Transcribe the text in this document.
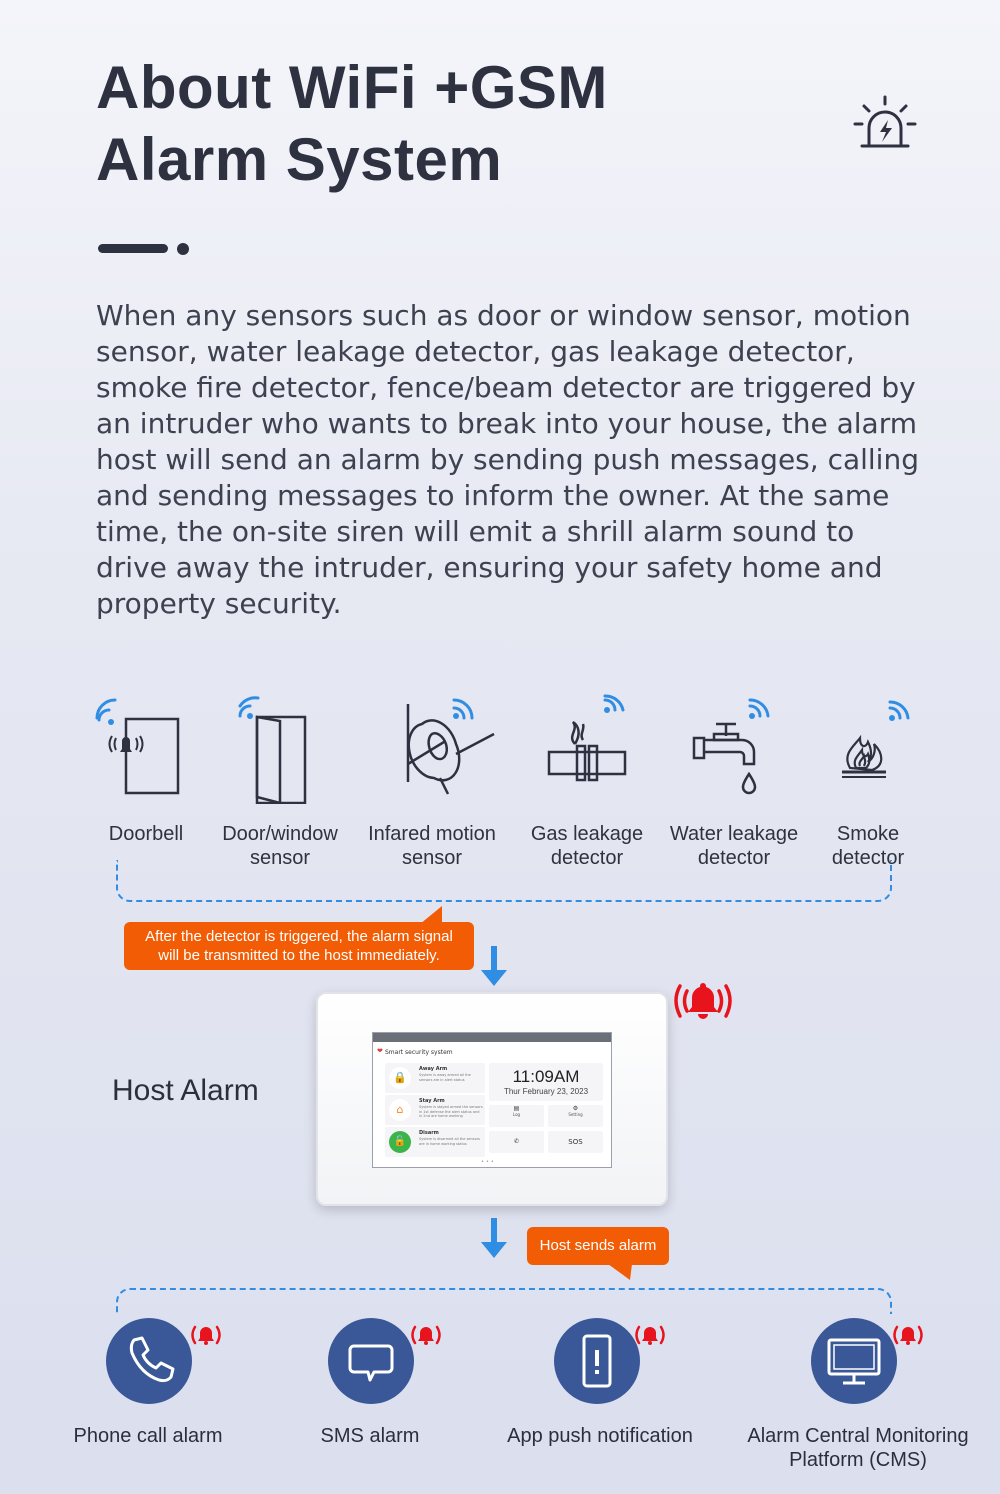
About WiFi +GSM
Alarm System

When any sensors such as door or window sensor, motion sensor, water leakage detector, gas leakage detector, smoke fire detector, fence/beam detector are triggered by an intruder who wants to break into your house, the alarm host will send an alarm by sending push messages, calling and sending messages to inform the owner. At the same time, the on-site siren will emit a shrill alarm sound to drive away the intruder, ensuring your safety home and property security.

Doorbell	Door/window
sensor
Infared motion
sensor
Gas leakage
detector
Water leakage
detector
Smoke
detector
After the detector is triggered, the alarm signal
will be transmitted to the host immediately.
Host Alarm
❤ Smart security system
🔒
Away Arm
System is away armed all the sensors are in alert status
⌂
Stay Arm
System is stayed armed the sensors in 1st defense the alert status and in 2nd are home working
🔓
Disarm
System is disarmed all the sensors are in home working status
11:09AM
Thur February 23, 2023
▤
Log
⚙
Setting
✆	SOS
•••
Host sends alarm
Phone call alarm	SMS alarm	App push notification	Alarm Central Monitoring
Platform (CMS)
